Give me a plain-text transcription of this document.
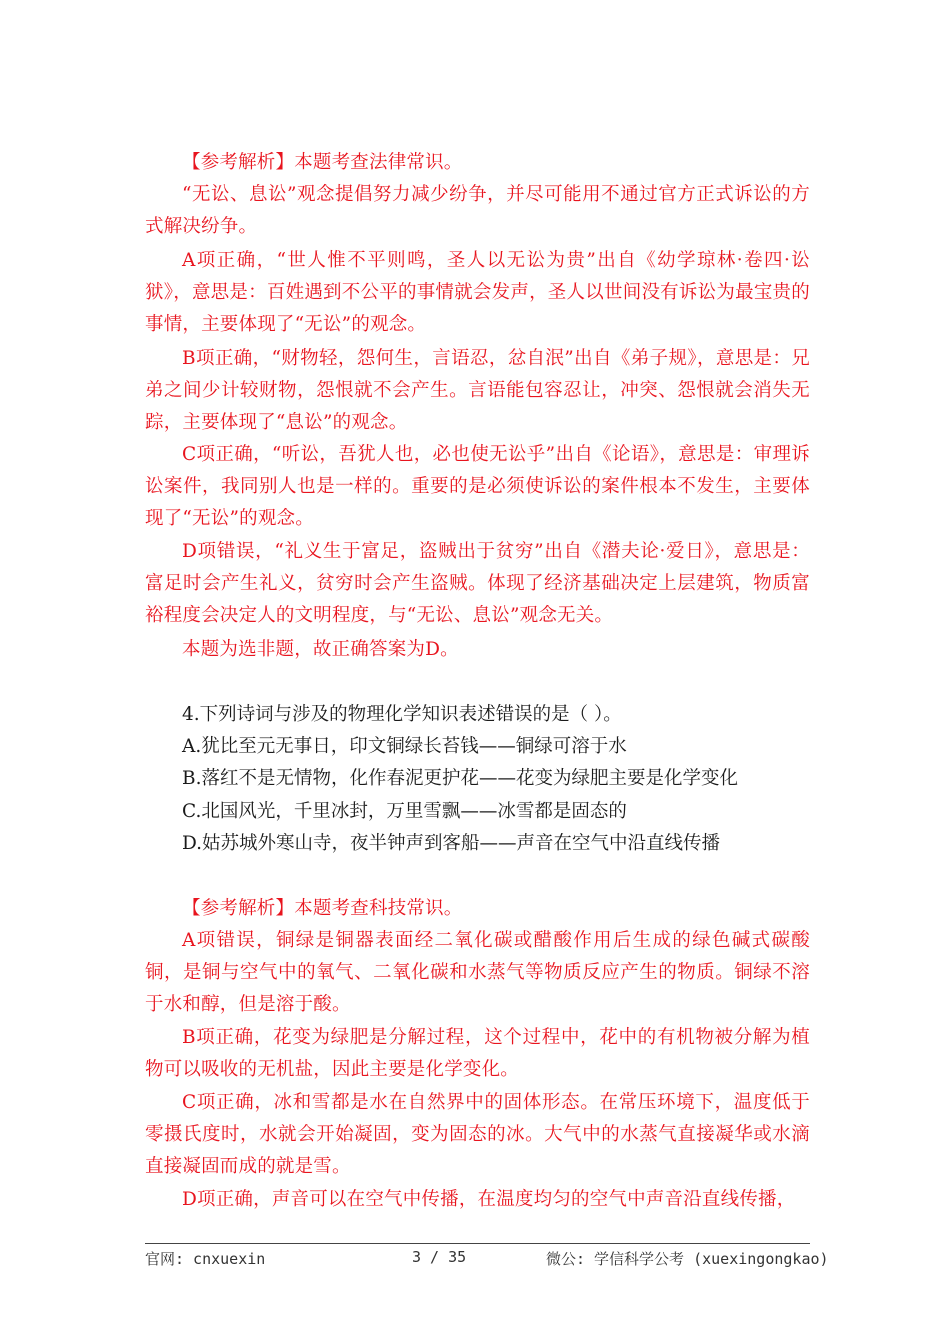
【参考解析】本题考查法律常识。

“无讼、息讼”观念提倡努力减少纷争，并尽可能用不通过官方正式诉讼的方式解决纷争。

A项正确，“世人惟不平则鸣，圣人以无讼为贵”出自《幼学琼林·卷四·讼狱》，意思是：百姓遇到不公平的事情就会发声，圣人以世间没有诉讼为最宝贵的事情，主要体现了“无讼”的观念。

B项正确，“财物轻，怨何生，言语忍，忿自泯”出自《弟子规》，意思是：兄弟之间少计较财物，怨恨就不会产生。言语能包容忍让，冲突、怨恨就会消失无踪，主要体现了“息讼”的观念。

C项正确，“听讼，吾犹人也，必也使无讼乎”出自《论语》，意思是：审理诉讼案件，我同别人也是一样的。重要的是必须使诉讼的案件根本不发生，主要体现了“无讼”的观念。

D项错误，“礼义生于富足，盗贼出于贫穷”出自《潜夫论·爱日》，意思是：富足时会产生礼义，贫穷时会产生盗贼。体现了经济基础决定上层建筑，物质富裕程度会决定人的文明程度，与“无讼、息讼”观念无关。

本题为选非题，故正确答案为D。

4.下列诗词与涉及的物理化学知识表述错误的是（ ）。

A.犹比至元无事日，印文铜绿长苔钱——铜绿可溶于水

B.落红不是无情物，化作春泥更护花——花变为绿肥主要是化学变化

C.北国风光，千里冰封，万里雪飘——冰雪都是固态的

D.姑苏城外寒山寺，夜半钟声到客船——声音在空气中沿直线传播

【参考解析】本题考查科技常识。

A项错误，铜绿是铜器表面经二氧化碳或醋酸作用后生成的绿色碱式碳酸铜，是铜与空气中的氧气、二氧化碳和水蒸气等物质反应产生的物质。铜绿不溶于水和醇，但是溶于酸。

B项正确，花变为绿肥是分解过程，这个过程中，花中的有机物被分解为植物可以吸收的无机盐，因此主要是化学变化。

C项正确，冰和雪都是水在自然界中的固体形态。在常压环境下，温度低于零摄氏度时，水就会开始凝固，变为固态的冰。大气中的水蒸气直接凝华或水滴直接凝固而成的就是雪。

D项正确，声音可以在空气中传播，在温度均匀的空气中声音沿直线传播，

官网: cnxuexin	3 / 35	微公: 学信科学公考 (xuexingongkao)
